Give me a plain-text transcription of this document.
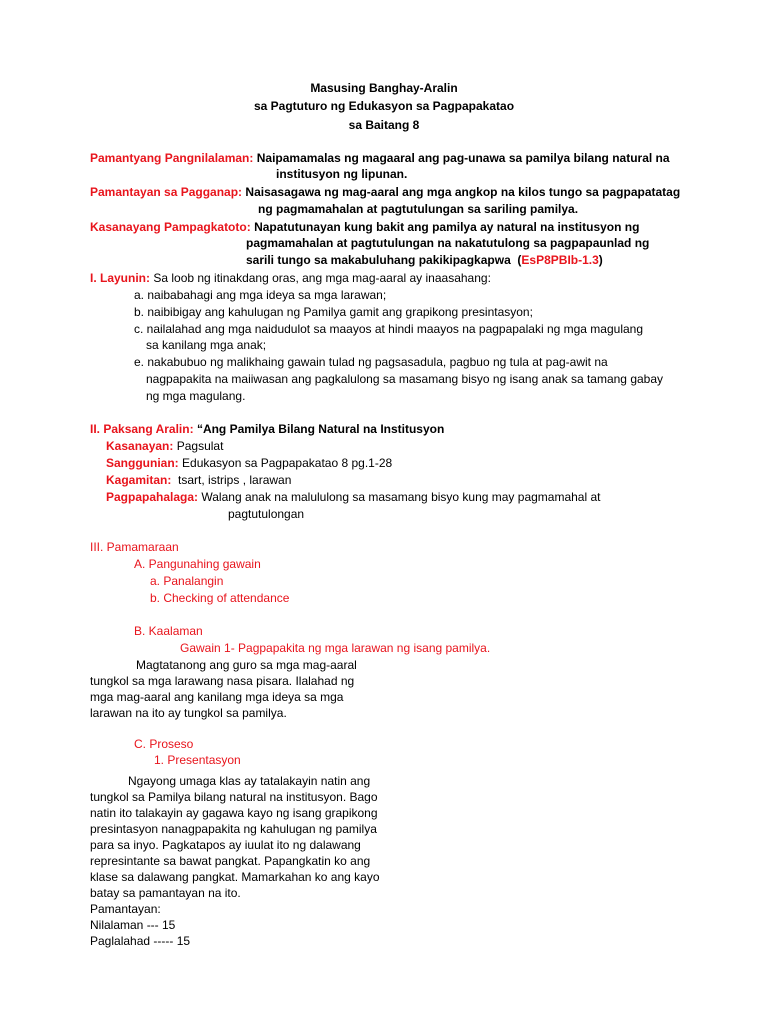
Masusing Banghay-Aralin
sa Pagtuturo ng Edukasyon sa Pagpapakatao
sa Baitang 8
Pamantyang Pangnilalaman: Naipamamalas ng magaaral ang pag-unawa sa pamilya bilang natural na
institusyon ng lipunan.
Pamantayan sa Pagganap: Naisasagawa ng mag-aaral ang mga angkop na kilos tungo sa pagpapatatag
ng pagmamahalan at pagtutulungan sa sariling pamilya.
Kasanayang Pampagkatoto: Napatutunayan kung bakit ang pamilya ay natural na institusyon ng
pagmamahalan at pagtutulungan na nakatutulong sa pagpapaunlad ng
sarili tungo sa makabuluhang pakikipagkapwa (EsP8PBIb-1.3)
I. Layunin: Sa loob ng itinakdang oras, ang mga mag-aaral ay inaasahang:
a. naibabahagi ang mga ideya sa mga larawan;
b. naibibigay ang kahulugan ng Pamilya gamit ang grapikong presintasyon;
c. nailalahad ang mga naidudulot sa maayos at hindi maayos na pagpapalaki ng mga magulang
sa kanilang mga anak;
e. nakabubuo ng malikhaing gawain tulad ng pagsasadula, pagbuo ng tula at pag-awit na
nagpapakita na maiiwasan ang pagkalulong sa masamang bisyo ng isang anak sa tamang gabay
ng mga magulang.
II. Paksang Aralin: “Ang Pamilya Bilang Natural na Institusyon
Kasanayan: Pagsulat
Sanggunian: Edukasyon sa Pagpapakatao 8 pg.1-28
Kagamitan: tsart, istrips , larawan
Pagpapahalaga: Walang anak na malululong sa masamang bisyo kung may pagmamahal at
pagtutulongan
III. Pamamaraan
A. Pangunahing gawain
a. Panalangin
b. Checking of attendance
B. Kaalaman
Gawain 1- Pagpapakita ng mga larawan ng isang pamilya.
Magtatanong ang guro sa mga mag-aaral
tungkol sa mga larawang nasa pisara. Ilalahad ng
mga mag-aaral ang kanilang mga ideya sa mga
larawan na ito ay tungkol sa pamilya.
C. Proseso
1. Presentasyon
Ngayong umaga klas ay tatalakayin natin ang
tungkol sa Pamilya bilang natural na institusyon. Bago
natin ito talakayin ay gagawa kayo ng isang grapikong
presintasyon nanagpapakita ng kahulugan ng pamilya
para sa inyo. Pagkatapos ay iuulat ito ng dalawang
represintante sa bawat pangkat. Papangkatin ko ang
klase sa dalawang pangkat. Mamarkahan ko ang kayo
batay sa pamantayan na ito.
Pamantayan:
Nilalaman --- 15
Paglalahad ----- 15
